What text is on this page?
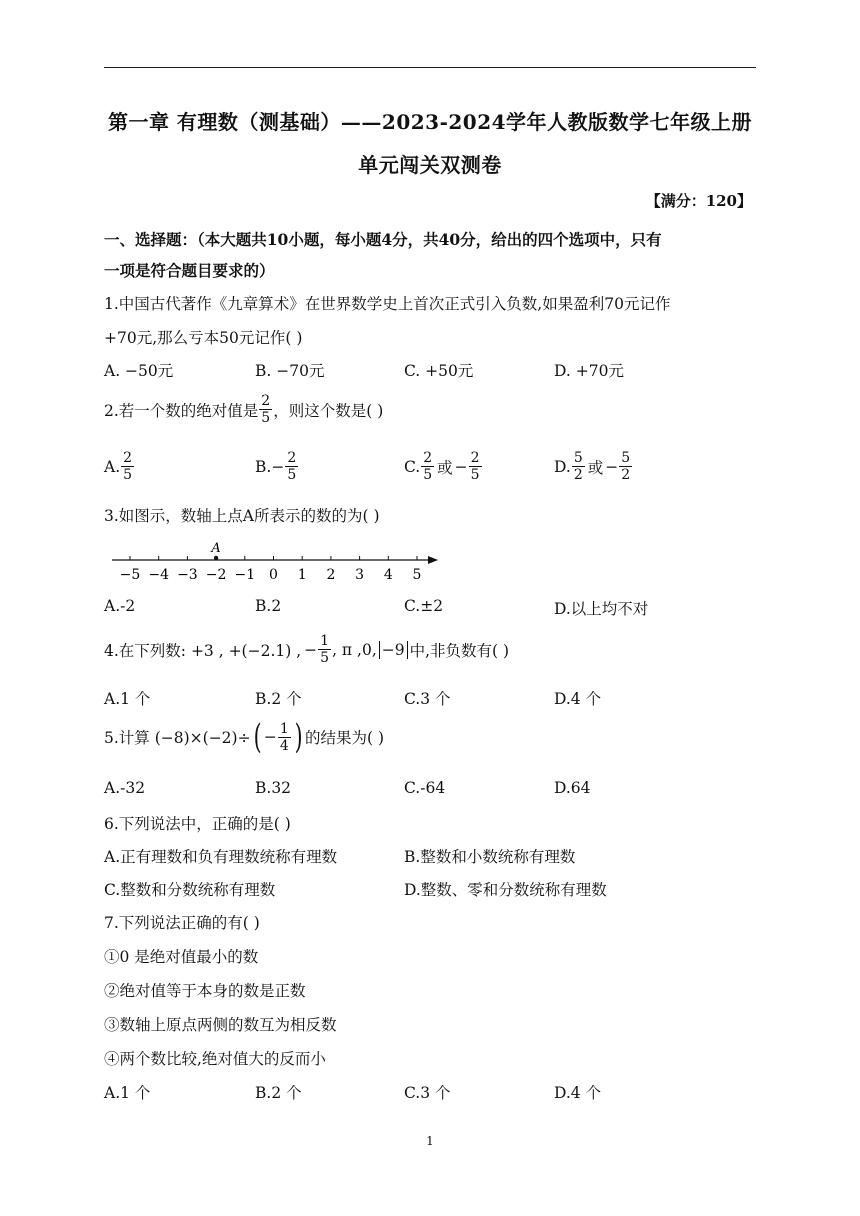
第一章 有理数（测基础）——2023-2024学年人教版数学七年级上册
单元闯关双测卷
【满分：120】
一、选择题：（本大题共10小题，每小题4分，共40分，给出的四个选项中，只有
一项是符合题目要求的）
1.中国古代著作《九章算术》在世界数学史上首次正式引入负数,如果盈利70元记作
+70元,那么亏本50元记作( )
A. −50元	B. −70元	C. +50元	D. +70元
2.若一个数的绝对值是 $\frac{2}{5}$ ，则这个数是( )
A. $\frac{2}{5}$	B. − $\frac{2}{5}$	C. $\frac{2}{5}$ 或 − $\frac{2}{5}$	D. $\frac{5}{2}$ 或 − $\frac{5}{2}$
3.如图示，数轴上点A所表示的数的为( )
−5 −4 −3 −2 −1 0 1 2 3 4 5
A
A.-2	B.2	C.±2	D.以上均不对
4.在下列数: +3 , +(−2.1) , − $\frac{1}{5}$ , π ,0, −9 中,非负数有( )
A.1 个	B.2 个	C.3 个	D.4 个
5.计算 (−8)×(−2)÷ ( − $\frac{1}{4}$ ) 的结果为( )
A.-32	B.32	C.-64	D.64
6.下列说法中，正确的是( )
A.正有理数和负有理数统称有理数	B.整数和小数统称有理数
C.整数和分数统称有理数	D.整数、零和分数统称有理数
7.下列说法正确的有( )
①0 是绝对值最小的数
②绝对值等于本身的数是正数
③数轴上原点两侧的数互为相反数
④两个数比较,绝对值大的反而小
A.1 个	B.2 个	C.3 个	D.4 个
1
